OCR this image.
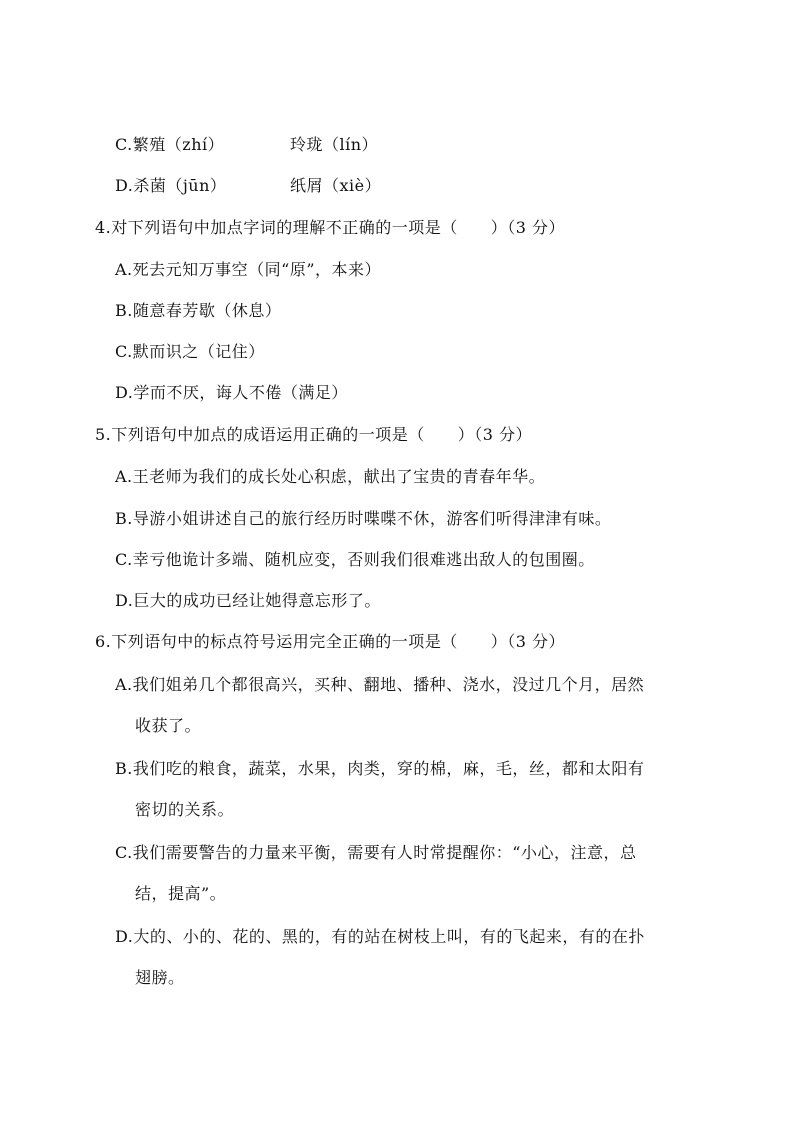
C.繁殖（zhí）	玲珑（lín）
D.杀菌（jūn）	纸屑（xiè）
4.对下列语句中加点字词的理解不正确的一项是（　　）（3 分）
A.死去元知万事空（同“原”，本来）
B.随意春芳歇（休息）
C.默而识之（记住）
D.学而不厌，诲人不倦（满足）
5.下列语句中加点的成语运用正确的一项是（　　）（3 分）
A.王老师为我们的成长处心积虑，献出了宝贵的青春年华。
B.导游小姐讲述自己的旅行经历时喋喋不休，游客们听得津津有味。
C.幸亏他诡计多端、随机应变，否则我们很难逃出敌人的包围圈。
D.巨大的成功已经让她得意忘形了。
6.下列语句中的标点符号运用完全正确的一项是（　　）（3 分）
A.我们姐弟几个都很高兴，买种、翻地、播种、浇水，没过几个月，居然
收获了。
B.我们吃的粮食，蔬菜，水果，肉类，穿的棉，麻，毛，丝，都和太阳有
密切的关系。
C.我们需要警告的力量来平衡，需要有人时常提醒你：“小心，注意，总
结，提高”。
D.大的、小的、花的、黑的，有的站在树枝上叫，有的飞起来，有的在扑
翅膀。
